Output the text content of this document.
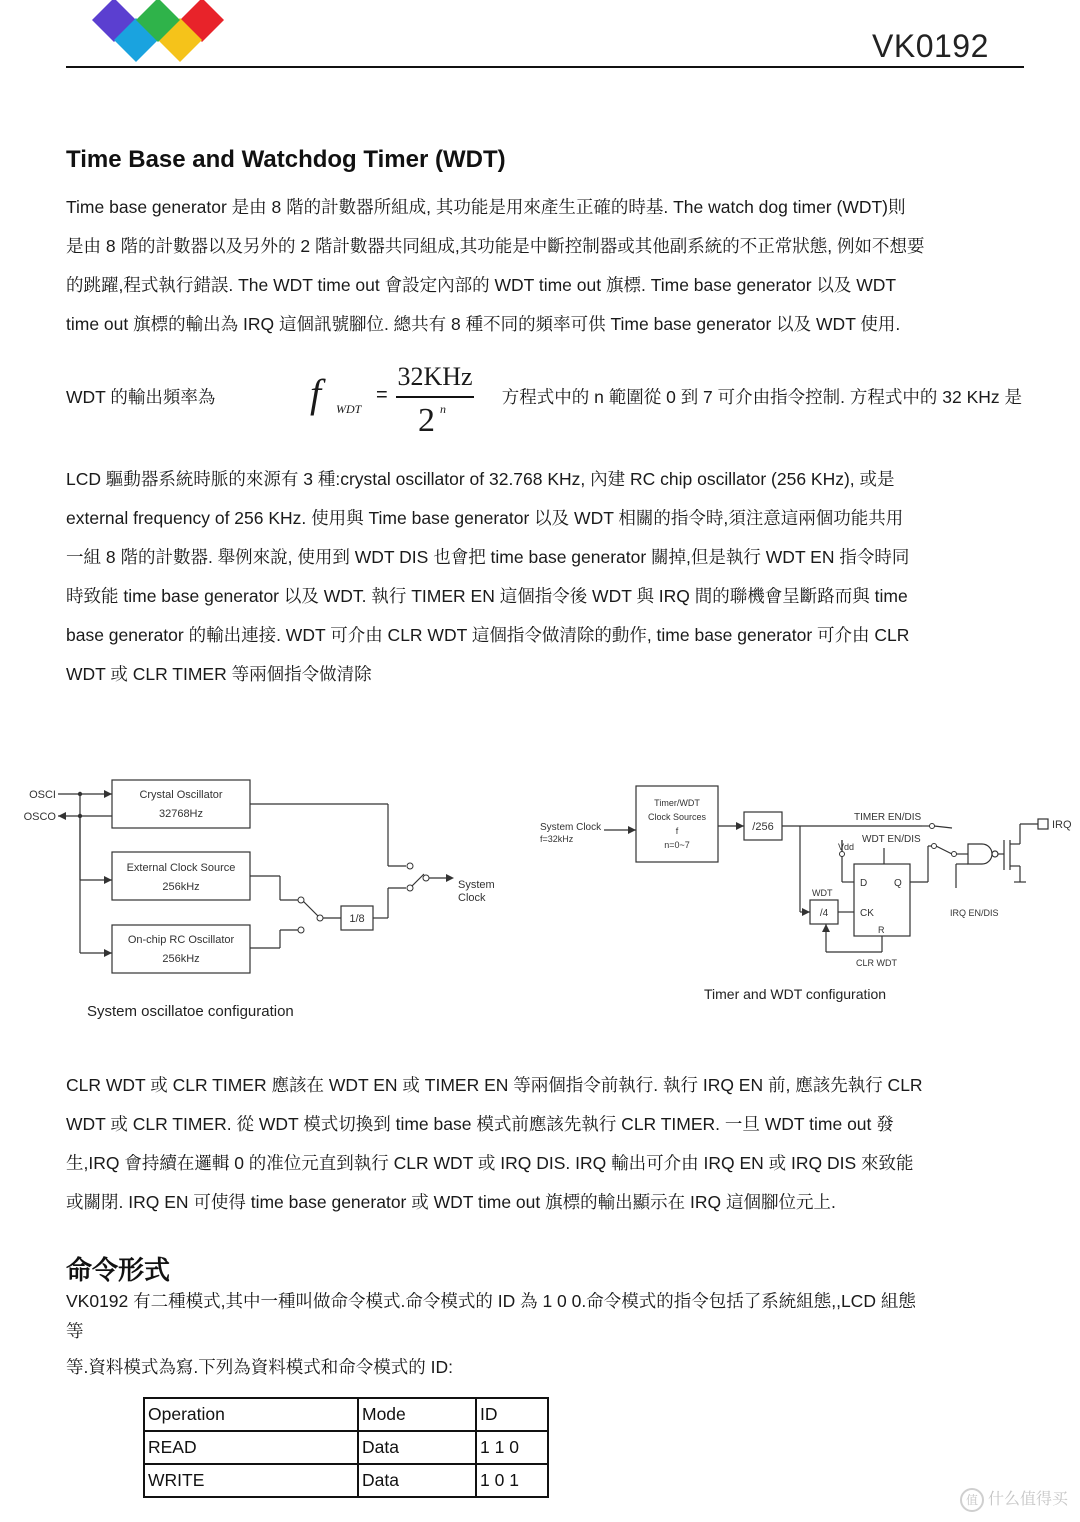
VK0192
Time Base and Watchdog Timer (WDT)

Time base generator 是由 8 階的計數器所組成, 其功能是用來產生正確的時基. The watch dog timer (WDT)則

是由 8 階的計數器以及另外的 2 階計數器共同組成,其功能是中斷控制器或其他副系統的不正常狀態, 例如不想要

的跳躍,程式執行錯誤. The WDT time out 會設定內部的 WDT time out 旗標. Time base generator 以及 WDT

time out 旗標的輸出為 IRQ 這個訊號腳位. 總共有 8 種不同的頻率可供 Time base generator 以及 WDT 使用.

WDT 的輸出頻率為 f WDT
=
32KHz
2 n
方程式中的 n 範圍從 0 到 7 可介由指令控制. 方程式中的 32 KHz 是

LCD 驅動器系統時脈的來源有 3 種:crystal oscillator of 32.768 KHz, 內建 RC chip oscillator (256 KHz), 或是

external frequency of 256 KHz. 使用與 Time base generator 以及 WDT 相關的指令時,須注意這兩個功能共用

一組 8 階的計數器. 舉例來說, 使用到 WDT DIS 也會把 time base generator 關掉,但是執行 WDT EN 指令時同

時致能 time base generator 以及 WDT. 執行 TIMER EN 這個指令後 WDT 與 IRQ 間的聯機會呈斷路而與 time

base generator 的輸出連接. WDT 可介由 CLR WDT 這個指令做清除的動作, time base generator 可介由 CLR

WDT 或 CLR TIMER 等兩個指令做清除

OSCI
OSCO
Crystal Oscillator
32768Hz
External Clock Source
256kHz
On-chip RC Oscillator
256kHz
1/8
System
Clock
System oscillatoe configuration
System Clock
f=32kHz
Timer/WDT
Clock Sources
f
n=0~7
/256
TIMER EN/DIS
WDT EN/DIS
Vdd
WDT
/4
D	Q
CK
R
CLR WDT
IRQ
IRQ EN/DIS
Timer and WDT configuration

CLR WDT 或 CLR TIMER 應該在 WDT EN 或 TIMER EN 等兩個指令前執行. 執行 IRQ EN 前, 應該先執行 CLR

WDT 或 CLR TIMER. 從 WDT 模式切換到 time base 模式前應該先執行 CLR TIMER. 一旦 WDT time out 發

生,IRQ 會持續在邏輯 0 的准位元直到執行 CLR WDT 或 IRQ DIS. IRQ 輸出可介由 IRQ EN 或 IRQ DIS 來致能

或關閉. IRQ EN 可使得 time base generator 或 WDT time out 旗標的輸出顯示在 IRQ 這個腳位元上.

命令形式
VK0192 有二種模式,其中一種叫做命令模式.命令模式的 ID 為 1 0 0.命令模式的指令包括了系統組態,,LCD 組態
等
等.資料模式為寫.下列為資料模式和命令模式的 ID:
Operation	Mode	ID
READ	Data	1 1 0
WRITE	Data	1 0 1
值 什么值得买
